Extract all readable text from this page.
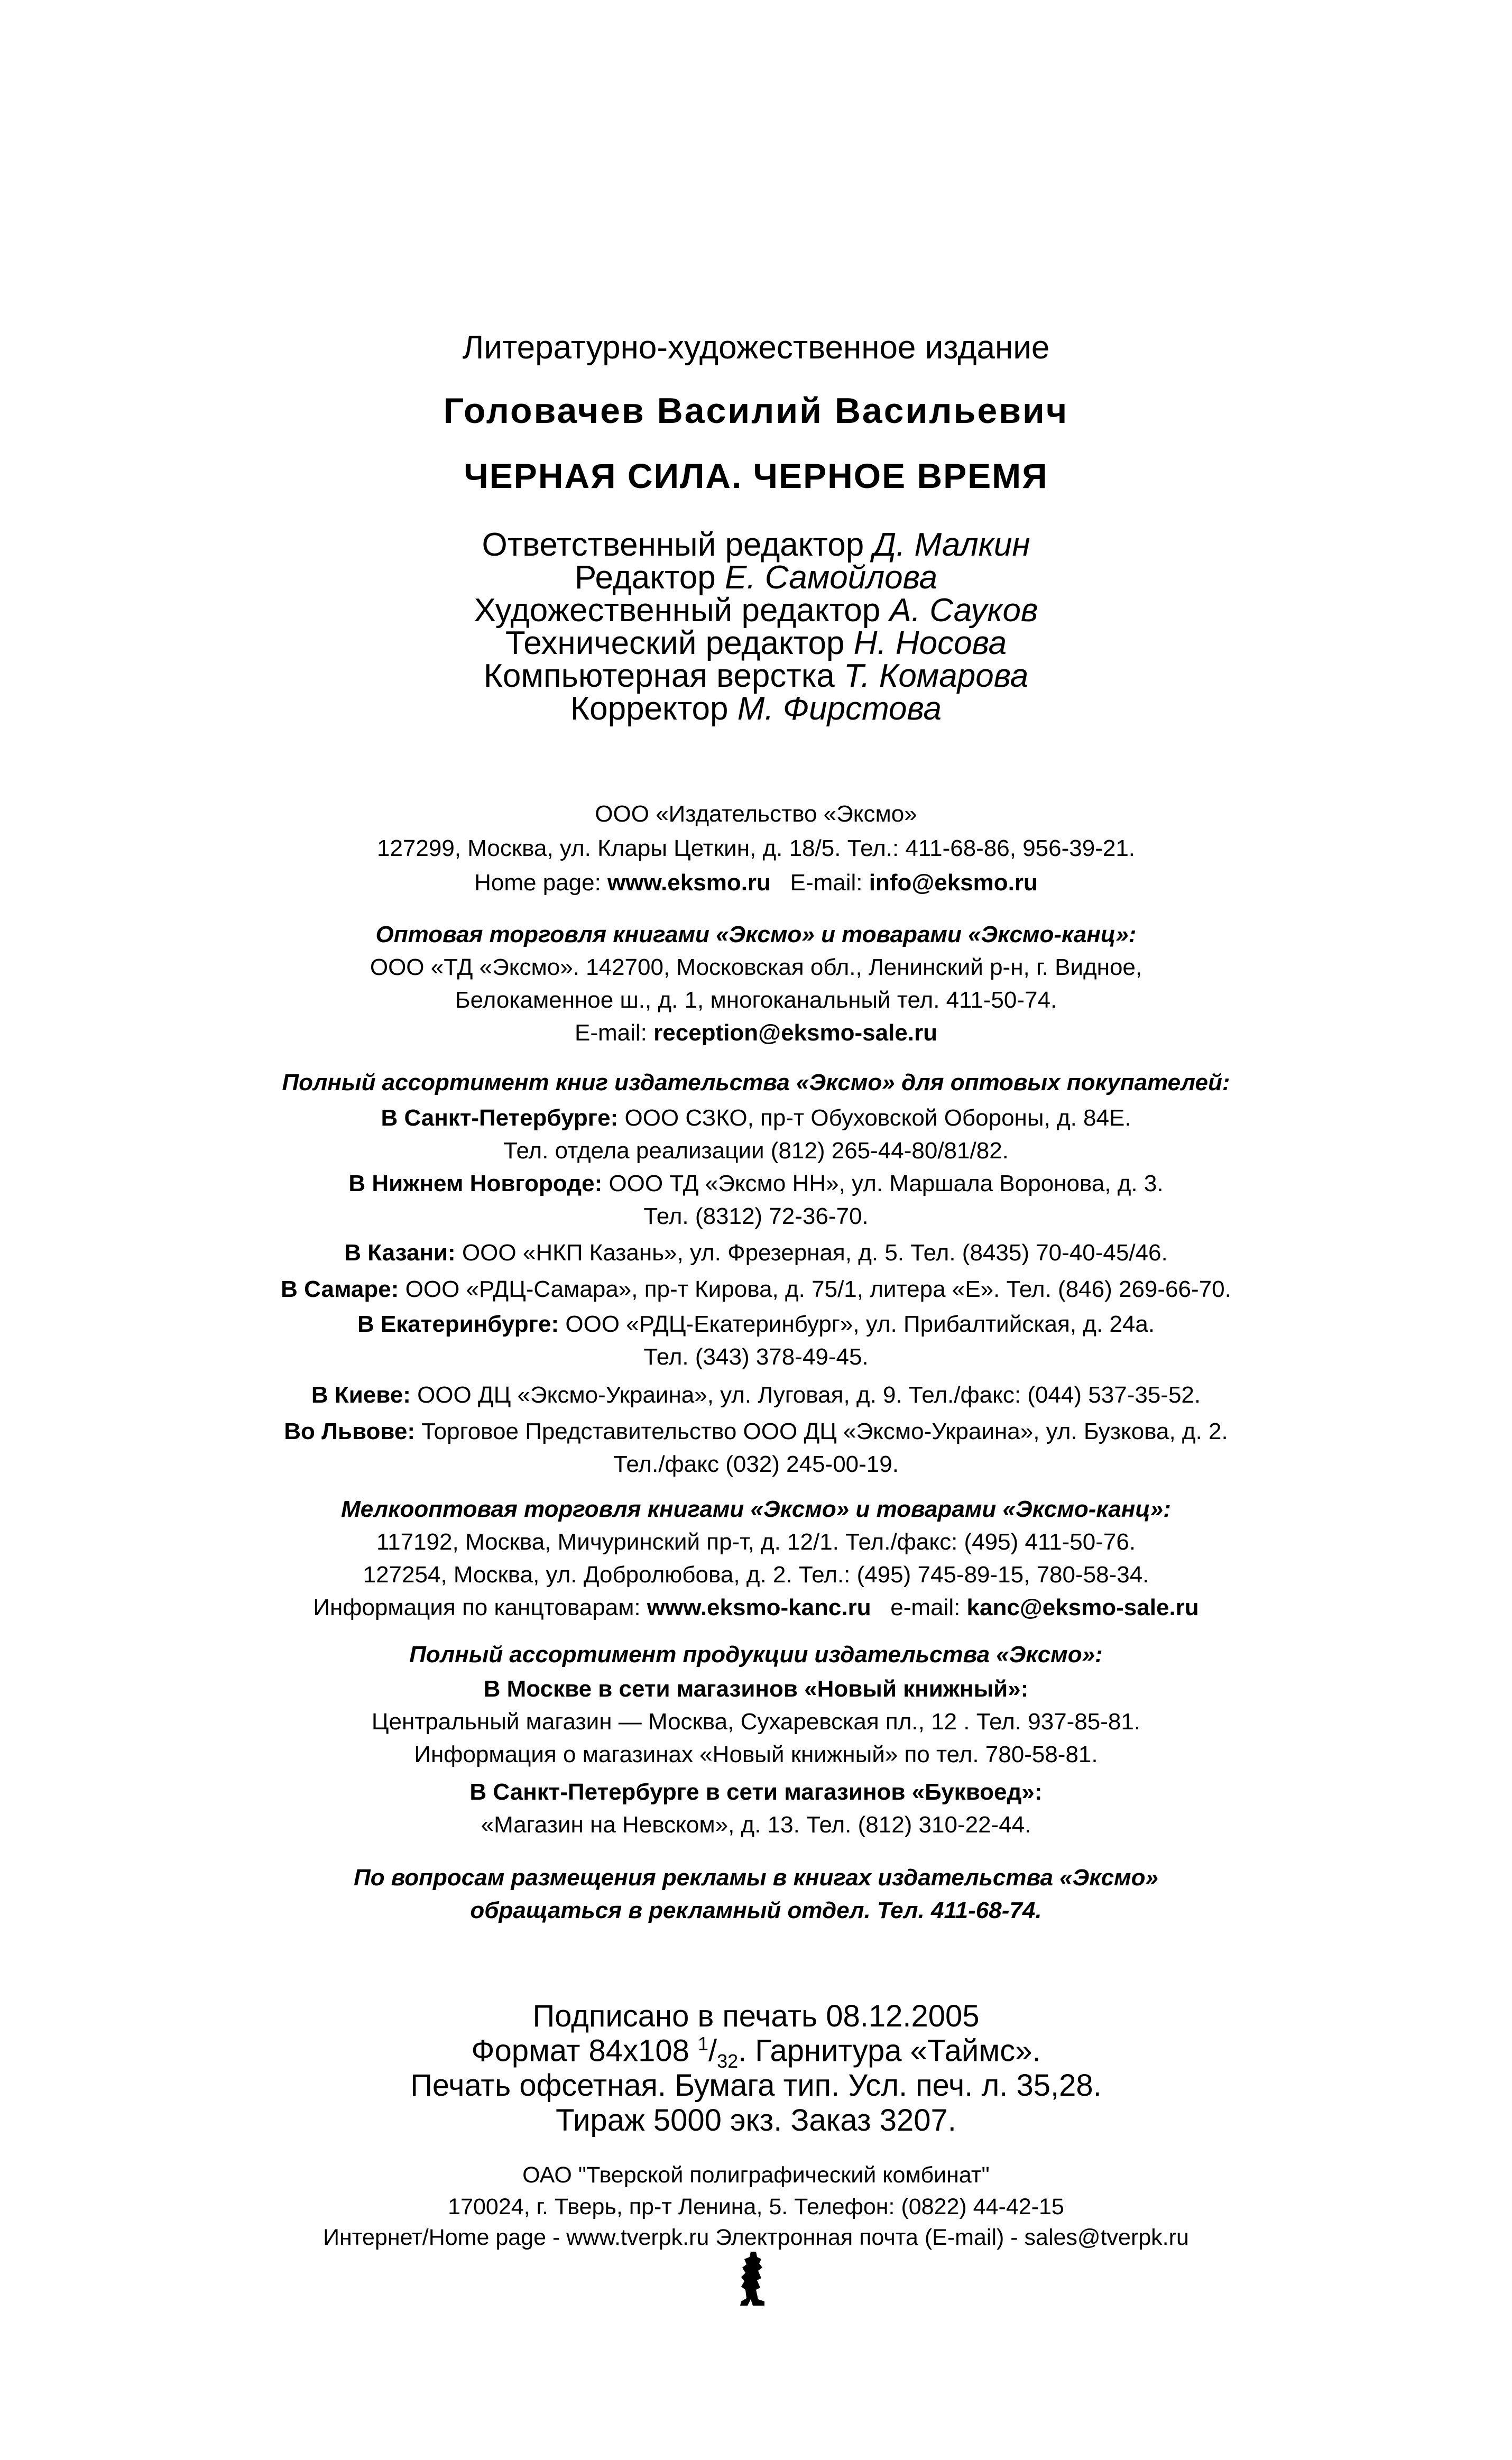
Литературно-художественное издание
Головачев Василий Васильевич
ЧЕРНАЯ СИЛА. ЧЕРНОЕ ВРЕМЯ
Ответственный редактор Д. Малкин
Редактор Е. Самойлова
Художественный редактор А. Сауков
Технический редактор Н. Носова
Компьютерная верстка Т. Комарова
Корректор М. Фирстова
ООО «Издательство «Эксмо»
127299, Москва, ул. Клары Цеткин, д. 18/5. Тел.: 411-68-86, 956-39-21.
Home page: www.eksmo.ru   E-mail: info@eksmo.ru
Оптовая торговля книгами «Эксмо» и товарами «Эксмо-канц»:
ООО «ТД «Эксмо». 142700, Московская обл., Ленинский р-н, г. Видное,
Белокаменное ш., д. 1, многоканальный тел. 411-50-74.
E-mail: reception@eksmo-sale.ru
Полный ассортимент книг издательства «Эксмо» для оптовых покупателей:
В Санкт-Петербурге: ООО СЗКО, пр-т Обуховской Обороны, д. 84Е.
Тел. отдела реализации (812) 265-44-80/81/82.
В Нижнем Новгороде: ООО ТД «Эксмо НН», ул. Маршала Воронова, д. 3.
Тел. (8312) 72-36-70.
В Казани: ООО «НКП Казань», ул. Фрезерная, д. 5. Тел. (8435) 70-40-45/46.
В Самаре: ООО «РДЦ-Самара», пр-т Кирова, д. 75/1, литера «Е». Тел. (846) 269-66-70.
В Екатеринбурге: ООО «РДЦ-Екатеринбург», ул. Прибалтийская, д. 24а.
Тел. (343) 378-49-45.
В Киеве: ООО ДЦ «Эксмо-Украина», ул. Луговая, д. 9. Тел./факс: (044) 537-35-52.
Во Львове: Торговое Представительство ООО ДЦ «Эксмо-Украина», ул. Бузкова, д. 2.
Тел./факс (032) 245-00-19.
Мелкооптовая торговля книгами «Эксмо» и товарами «Эксмо-канц»:
117192, Москва, Мичуринский пр-т, д. 12/1. Тел./факс: (495) 411-50-76.
127254, Москва, ул. Добролюбова, д. 2. Тел.: (495) 745-89-15, 780-58-34.
Информация по канцтоварам: www.eksmo-kanc.ru   e-mail: kanc@eksmo-sale.ru
Полный ассортимент продукции издательства «Эксмо»:
В Москве в сети магазинов «Новый книжный»:
Центральный магазин — Москва, Сухаревская пл., 12 . Тел. 937-85-81.
Информация о магазинах «Новый книжный» по тел. 780-58-81.
В Санкт-Петербурге в сети магазинов «Буквоед»:
«Магазин на Невском», д. 13. Тел. (812) 310-22-44.
По вопросам размещения рекламы в книгах издательства «Эксмо»
обращаться в рекламный отдел. Тел. 411-68-74.
Подписано в печать 08.12.2005
Формат 84x108 $^1/_{32}$. Гарнитура «Таймс».
Печать офсетная. Бумага тип. Усл. печ. л. 35,28.
Тираж 5000 экз. Заказ 3207.
ОАО "Тверской полиграфический комбинат"
170024, г. Тверь, пр-т Ленина, 5. Телефон: (0822) 44-42-15
Интернет/Home page - www.tverpk.ru Электронная почта (E-mail) - sales@tverpk.ru
